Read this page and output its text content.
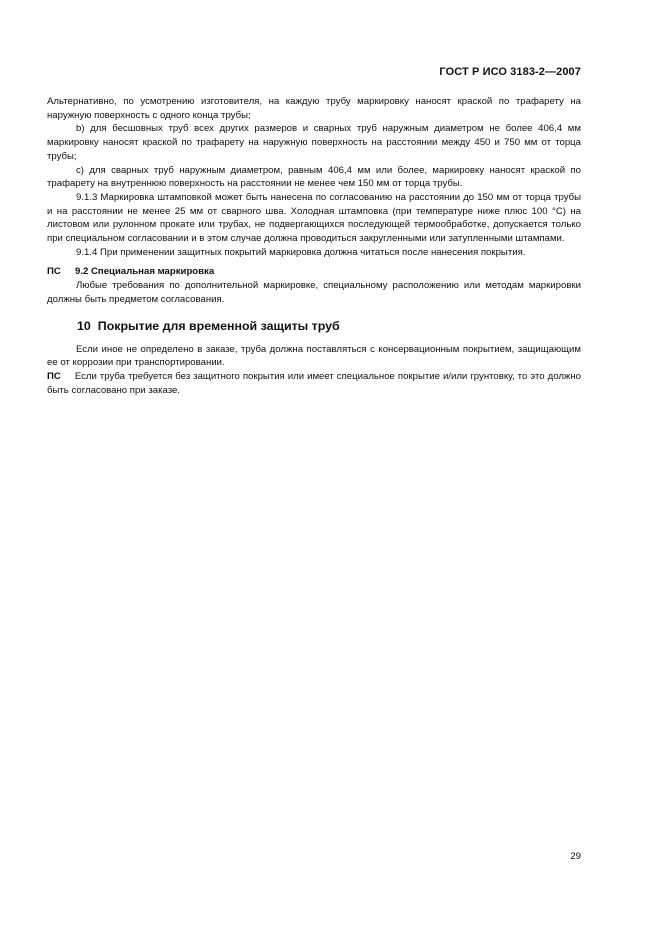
ГОСТ Р ИСО 3183-2—2007

Альтернативно, по усмотрению изготовителя, на каждую трубу маркировку наносят краской по трафарету на наружную поверхность с одного конца трубы;

b) для бесшовных труб всех других размеров и сварных труб наружным диаметром не более 406,4 мм маркировку наносят краской по трафарету на наружную поверхность на расстоянии между 450 и 750 мм от торца трубы;

c) для сварных труб наружным диаметром, равным 406,4 мм или более, маркировку наносят краской по трафарету на внутреннюю поверхность на расстоянии не менее чем 150 мм от торца трубы.

9.1.3 Маркировка штамповкой может быть нанесена по согласованию на расстоянии до 150 мм от торца трубы и на расстоянии не менее 25 мм от сварного шва. Холодная штамповка (при температуре ниже плюс 100 °С) на листовом или рулонном прокате или трубах, не подвергающихся последующей термообработке, допускается только при специальном согласовании и в этом случае должна проводиться закругленными или затупленными штампами.

9.1.4 При применении защитных покрытий маркировка должна читаться после нанесения покрытия.

ПС	9.2 Специальная маркировка

Любые требования по дополнительной маркировке, специальному расположению или методам маркировки должны быть предметом согласования.

10 Покрытие для временной защиты труб

Если иное не определено в заказе, труба должна поставляться с консервационным покрытием, защищающим ее от коррозии при транспортировании.

ПС Если труба требуется без защитного покрытия или имеет специальное покрытие и/или грунтовку, то это должно быть согласовано при заказе.

29
